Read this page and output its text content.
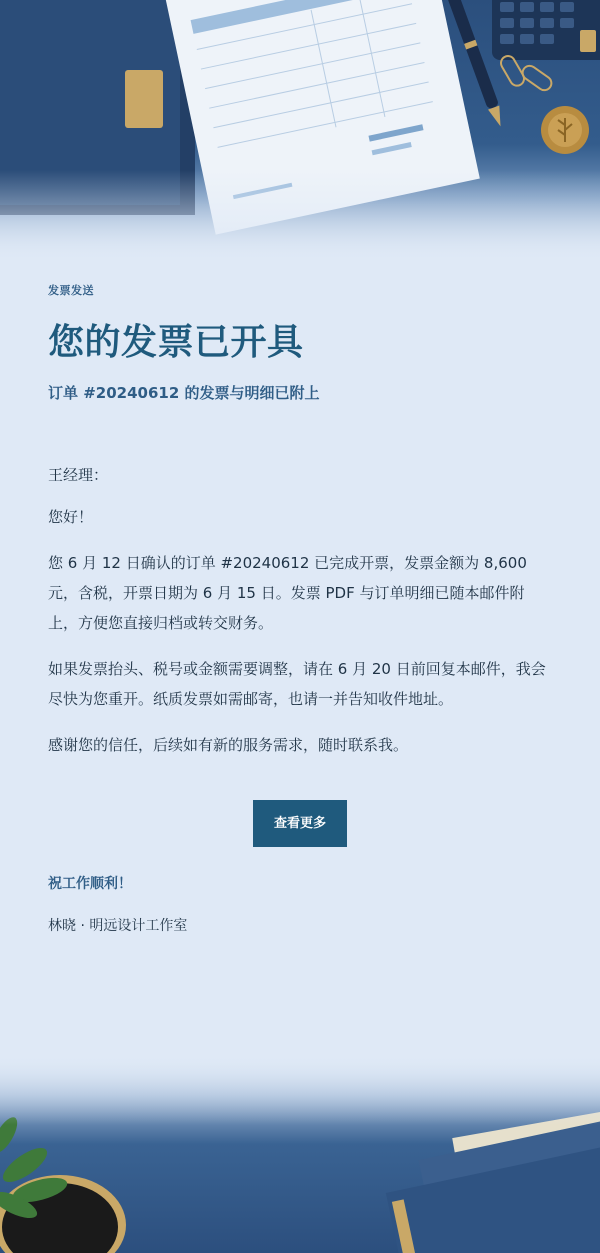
发票发送

您的发票已开具

订单 #20240612 的发票与明细已附上

王经理：

您好！

您 6 月 12 日确认的订单 #20240612 已完成开票，发票金额为 8,600 元，含税，开票日期为 6 月 15 日。发票 PDF 与订单明细已随本邮件附上，方便您直接归档或转交财务。

如果发票抬头、税号或金额需要调整，请在 6 月 20 日前回复本邮件，我会尽快为您重开。纸质发票如需邮寄，也请一并告知收件地址。

感谢您的信任，后续如有新的服务需求，随时联系我。

查看更多
祝工作顺利！
林晓 · 明远设计工作室
